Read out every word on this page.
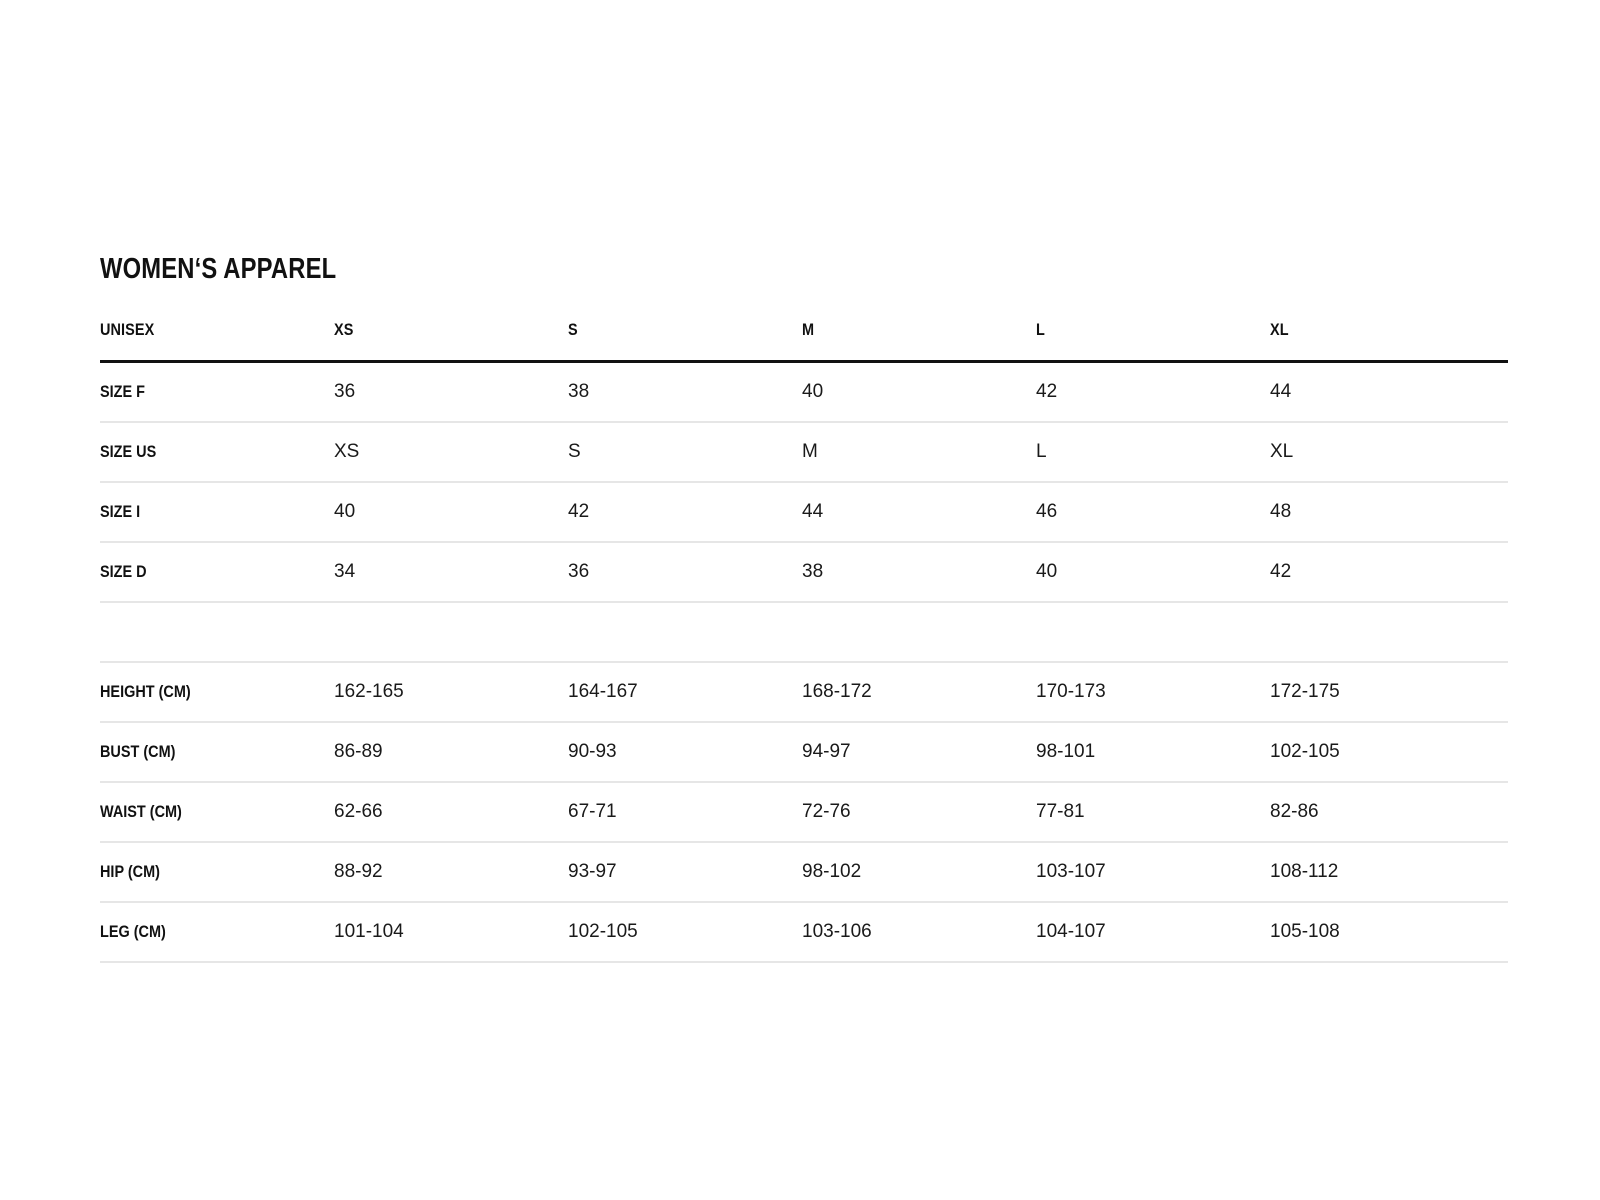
WOMEN‘S APPAREL
UNISEX	XS	S	M	L	XL
SIZE F	36	38	40	42	44
SIZE US	XS	S	M	L	XL
SIZE I	40	42	44	46	48
SIZE D	34	36	38	40	42

HEIGHT (CM)	162-165	164-167	168-172	170-173	172-175
BUST (CM)	86-89	90-93	94-97	98-101	102-105
WAIST (CM)	62-66	67-71	72-76	77-81	82-86
HIP (CM)	88-92	93-97	98-102	103-107	108-112
LEG (CM)	101-104	102-105	103-106	104-107	105-108
